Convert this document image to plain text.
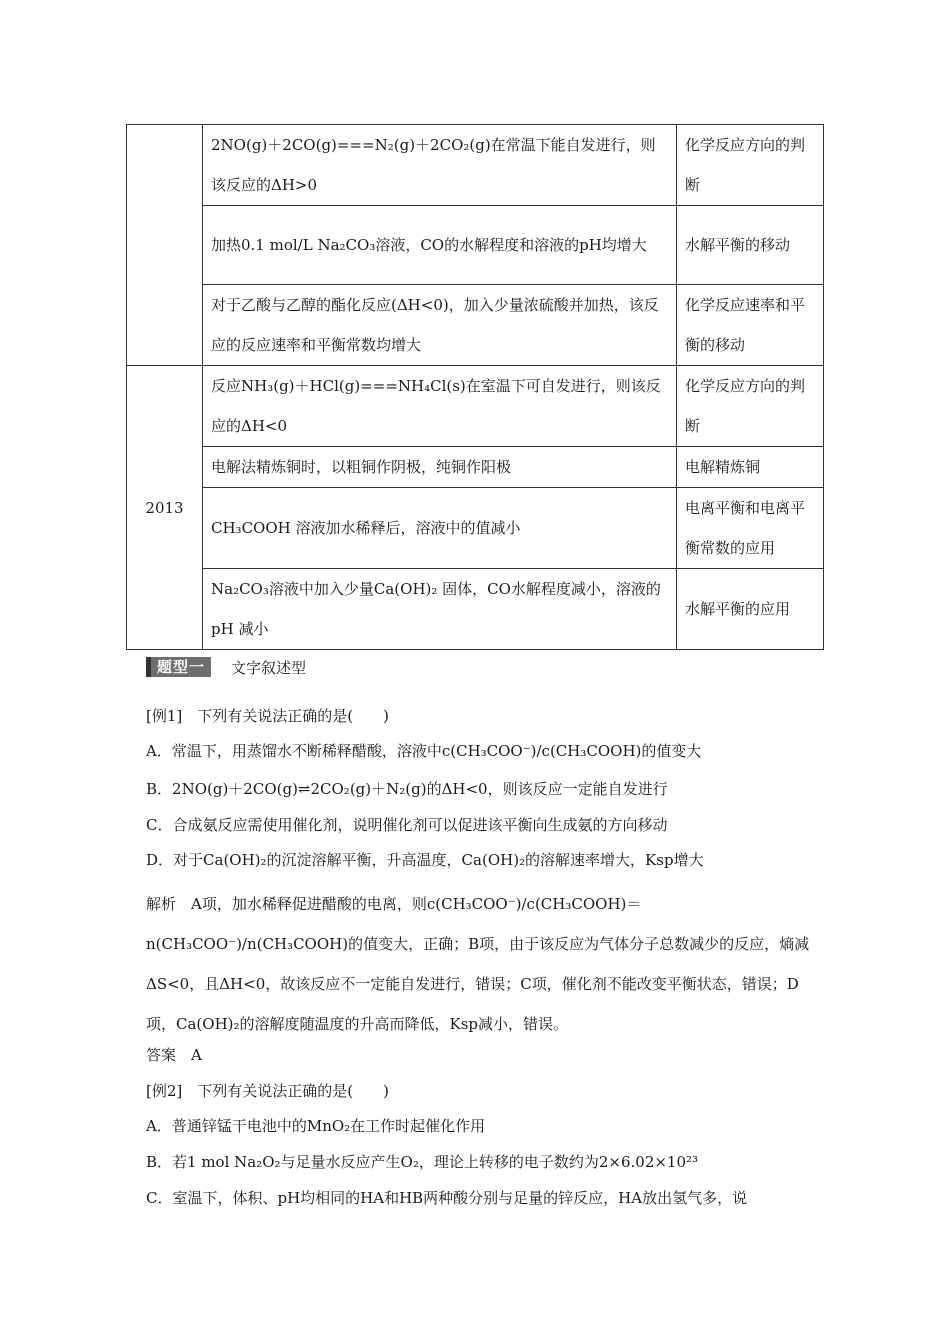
	2NO(g)＋2CO(g)===N₂(g)＋2CO₂(g)在常温下能自发进行，则该反应的ΔH>0	化学反应方向的判断
	加热0.1 mol/L Na₂CO₃溶液，CO的水解程度和溶液的pH均增大	水解平衡的移动
	对于乙酸与乙醇的酯化反应(ΔH<0)，加入少量浓硫酸并加热，该反应的反应速率和平衡常数均增大	化学反应速率和平衡的移动
2013	反应NH₃(g)＋HCl(g)===NH₄Cl(s)在室温下可自发进行，则该反应的ΔH<0	化学反应方向的判断
	电解法精炼铜时，以粗铜作阴极，纯铜作阳极	电解精炼铜
	CH₃COOH 溶液加水稀释后，溶液中的值减小	电离平衡和电离平衡常数的应用
	Na₂CO₃溶液中加入少量Ca(OH)₂ 固体，CO水解程度减小，溶液的pH 减小	水解平衡的应用
题型一	文字叙述型
[例1]　下列有关说法正确的是(　　)
A．常温下，用蒸馏水不断稀释醋酸，溶液中c(CH₃COO⁻)/c(CH₃COOH)的值变大
B．2NO(g)＋2CO(g)⇌2CO₂(g)＋N₂(g)的ΔH<0，则该反应一定能自发进行
C．合成氨反应需使用催化剂，说明催化剂可以促进该平衡向生成氨的方向移动
D．对于Ca(OH)₂的沉淀溶解平衡，升高温度，Ca(OH)₂的溶解速率增大，Ksp增大
解析　A项，加水稀释促进醋酸的电离，则c(CH₃COO⁻)/c(CH₃COOH)＝n(CH₃COO⁻)/n(CH₃COOH)的值变大，正确；B项，由于该反应为气体分子总数减少的反应，熵减ΔS<0，且ΔH<0，故该反应不一定能自发进行，错误；C项，催化剂不能改变平衡状态，错误；D项，Ca(OH)₂的溶解度随温度的升高而降低，Ksp减小，错误。
答案　A
[例2]　下列有关说法正确的是(　　)
A．普通锌锰干电池中的MnO₂在工作时起催化作用
B．若1 mol Na₂O₂与足量水反应产生O₂，理论上转移的电子数约为2×6.02×10²³
C．室温下，体积、pH均相同的HA和HB两种酸分别与足量的锌反应，HA放出氢气多，说
